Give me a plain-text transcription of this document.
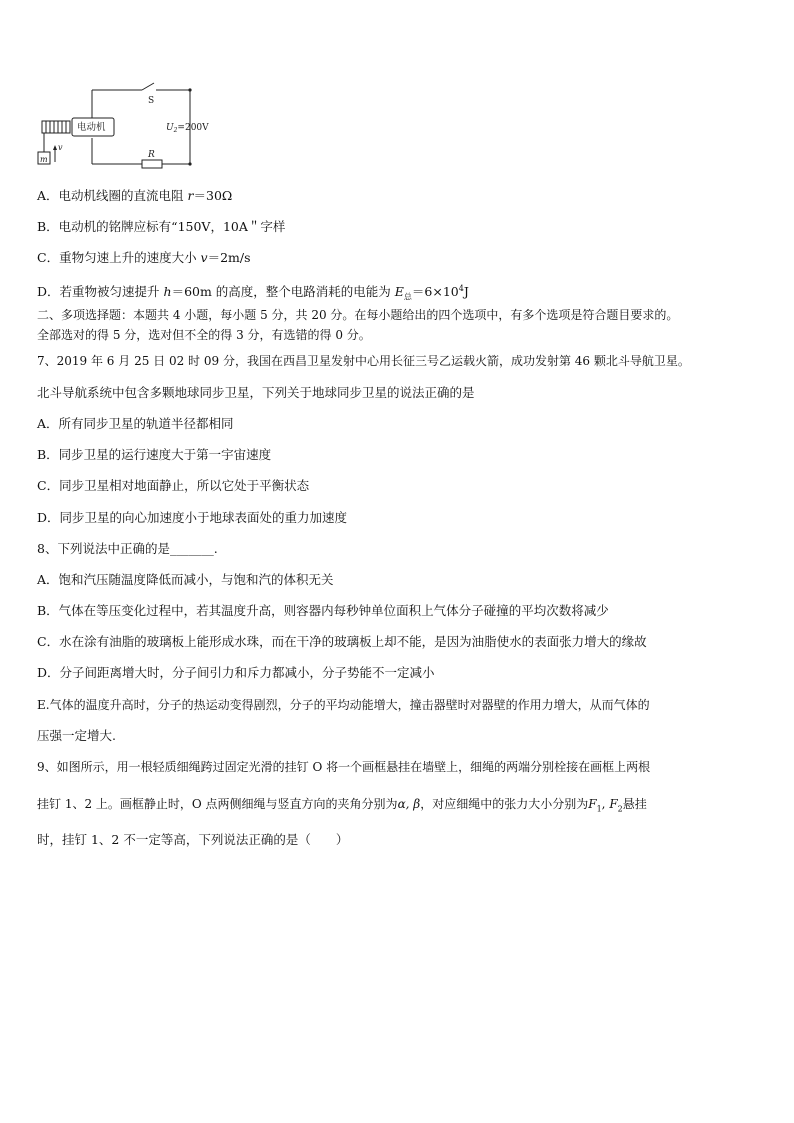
S
$U_2=200V$
电动机
R
m
v
A．电动机线圈的直流电阻 r＝30Ω
B．电动机的铭牌应标有“150V，10A＂字样
C．重物匀速上升的速度大小 v＝2m/s
D．若重物被匀速提升 h＝60m 的高度，整个电路消耗的电能为 $E_总=6\times 10^4J$
二、多项选择题：本题共 4 小题，每小题 5 分，共 20 分。在每小题给出的四个选项中，有多个选项是符合题目要求的。
全部选对的得 5 分，选对但不全的得 3 分，有选错的得 0 分。
7、2019 年 6 月 25 日 02 时 09 分，我国在西昌卫星发射中心用长征三号乙运载火箭，成功发射第 46 颗北斗导航卫星。
北斗导航系统中包含多颗地球同步卫星，下列关于地球同步卫星的说法正确的是
A．所有同步卫星的轨道半径都相同
B．同步卫星的运行速度大于第一宇宙速度
C．同步卫星相对地面静止，所以它处于平衡状态
D．同步卫星的向心加速度小于地球表面处的重力加速度
8、下列说法中正确的是_______.
A．饱和汽压随温度降低而减小，与饱和汽的体积无关
B．气体在等压变化过程中，若其温度升高，则容器内每秒钟单位面积上气体分子碰撞的平均次数将减少
C．水在涂有油脂的玻璃板上能形成水珠，而在干净的玻璃板上却不能，是因为油脂使水的表面张力增大的缘故
D．分子间距离增大时，分子间引力和斥力都减小，分子势能不一定减小
E.气体的温度升高时，分子的热运动变得剧烈，分子的平均动能增大，撞击器壁时对器壁的作用力增大，从而气体的
压强一定增大.
9、如图所示，用一根轻质细绳跨过固定光滑的挂钉 O 将一个画框悬挂在墙壁上，细绳的两端分别栓接在画框上两根
挂钉 1、2 上。画框静止时，O 点两侧细绳与竖直方向的夹角分别为α, β，对应细绳中的张力大小分别为$F_1$, $F_2$悬挂
时，挂钉 1、2 不一定等高，下列说法正确的是（　　）
